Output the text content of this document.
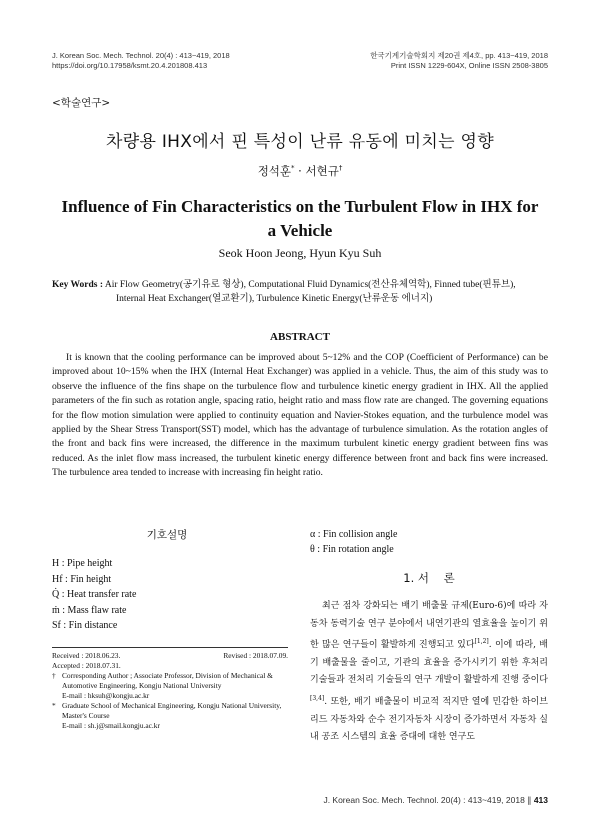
J. Korean Soc. Mech. Technol. 20(4) : 413~419, 2018
https://doi.org/10.17958/ksmt.20.4.201808.413
한국기계기술학회지 제20권 제4호, pp. 413~419, 2018
Print ISSN 1229-604X, Online ISSN 2508-3805
<학술연구>
차량용 IHX에서 핀 특성이 난류 유동에 미치는 영향
정석훈* · 서현규†
Influence of Fin Characteristics on the Turbulent Flow in IHX for a Vehicle
Seok Hoon Jeong, Hyun Kyu Suh
Key Words : Air Flow Geometry(공기유로 형상), Computational Fluid Dynamics(전산유체역학), Finned tube(핀튜브),
Internal Heat Exchanger(열교환기), Turbulence Kinetic Energy(난류운동 에너지)
ABSTRACT
It is known that the cooling performance can be improved about 5~12% and the COP (Coefficient of Performance) can be improved about 10~15% when the IHX (Internal Heat Exchanger) was applied in a vehicle. Thus, the aim of this study was to observe the influence of the fins shape on the turbulence flow and turbulence kinetic energy gradient in IHX. All the applied parameters of the fin such as rotation angle, spacing ratio, height ratio and mass flow rate are changed. The governing equations for the flow motion simulation were applied to continuity equation and Navier-Stokes equation, and the turbulence model was applied by the Shear Stress Transport(SST) model, which has the advantage of turbulence simulation. As the rotation angles of the front and back fins were increased, the difference in the maximum turbulent kinetic energy gradient between fins was reduced. As the inlet flow mass increased, the turbulent kinetic energy difference between front and back fins were increased. The turbulence area tended to increase with increasing fin height ratio.
기호설명
H : Pipe height
Hf : Fin height
Q̇ : Heat transfer rate
ṁ : Mass flaw rate
Sf : Fin distance
α : Fin collision angle
θ : Fin rotation angle
Received : 2018.06.23.	Revised : 2018.07.09.
Accepted : 2018.07.31.
† Corresponding Author ; Associate Professor, Division of Mechanical & Automotive Engineering, Kongju National University
E-mail : hksuh@kongju.ac.kr
* Graduate School of Mechanical Engineering, Kongju National University, Master's Course
E-mail : sh.j@smail.kongju.ac.kr
1. 서    론
최근 점차 강화되는 배기 배출물 규제(Euro-6)에 따라 자동차 동력기술 연구 분야에서 내연기관의 열효율을 높이기 위한 많은 연구들이 활발하게 진행되고 있다[1,2]. 이에 따라, 배기 배출물을 줄이고, 기관의 효율을 증가시키기 위한 후처리 기술들과 전처리 기술들의 연구 개발이 활발하게 진행 중이다[3,4]. 또한, 배기 배출물이 비교적 적지만 열에 민감한 하이브리드 자동차와 순수 전기자동차 시장이 증가하면서 자동차 실내 공조 시스템의 효율 증대에 대한 연구도
J. Korean Soc. Mech. Technol. 20(4) : 413~419, 2018 ∥ 413
